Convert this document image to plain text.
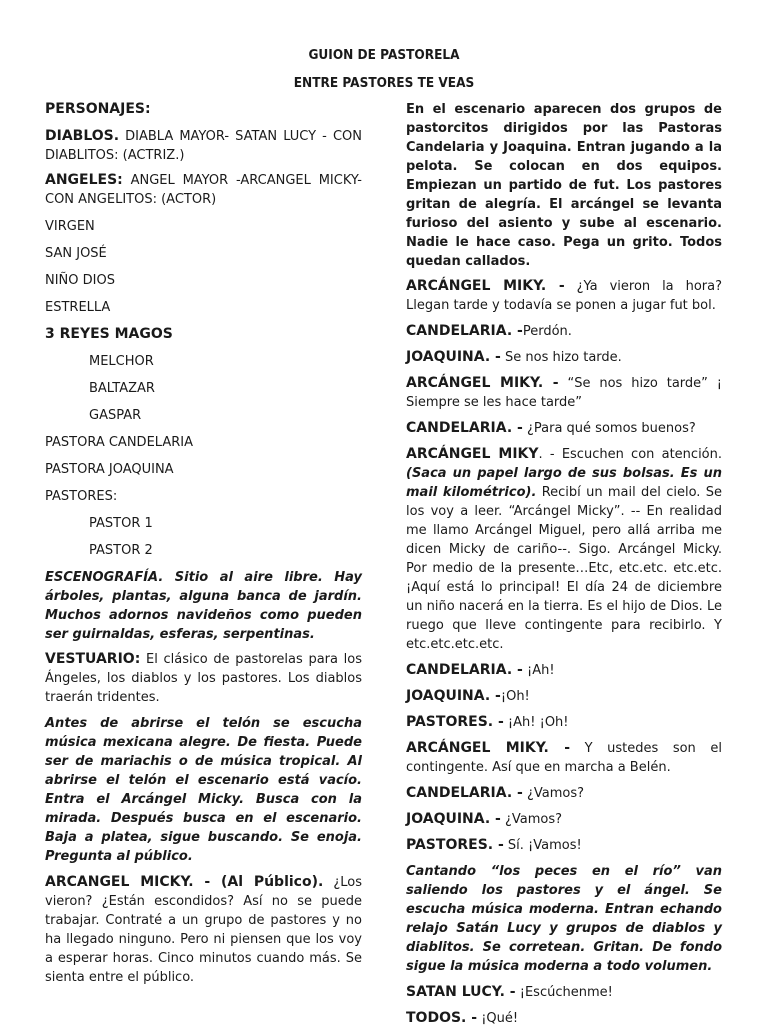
GUION DE PASTORELA
ENTRE PASTORES TE VEAS

PERSONAJES:

DIABLOS. DIABLA MAYOR- SATAN LUCY - CON DIABLITOS: (ACTRIZ.)

ANGELES: ANGEL MAYOR -ARCANGEL MICKY- CON ANGELITOS: (ACTOR)

VIRGEN

SAN JOSÉ

NIÑO DIOS

ESTRELLA

3 REYES MAGOS

MELCHOR

BALTAZAR

GASPAR

PASTORA CANDELARIA

PASTORA JOAQUINA

PASTORES:

PASTOR 1

PASTOR 2

ESCENOGRAFÍA. Sitio al aire libre. Hay árboles, plantas, alguna banca de jardín. Muchos adornos navideños como pueden ser guirnaldas, esferas, serpentinas.

VESTUARIO: El clásico de pastorelas para los Ángeles, los diablos y los pastores. Los diablos traerán tridentes.

Antes de abrirse el telón se escucha música mexicana alegre. De fiesta. Puede ser de mariachis o de música tropical. Al abrirse el telón el escenario está vacío. Entra el Arcángel Micky. Busca con la mirada. Después busca en el escenario. Baja a platea, sigue buscando. Se enoja. Pregunta al público.

ARCANGEL MICKY. - (Al Público). ¿Los vieron? ¿Están escondidos? Así no se puede trabajar. Contraté a un grupo de pastores y no ha llegado ninguno. Pero ni piensen que los voy a esperar horas. Cinco minutos cuando más. Se sienta entre el público.

En el escenario aparecen dos grupos de pastorcitos dirigidos por las Pastoras Candelaria y Joaquina. Entran jugando a la pelota. Se colocan en dos equipos. Empiezan un partido de fut. Los pastores gritan de alegría. El arcángel se levanta furioso del asiento y sube al escenario. Nadie le hace caso. Pega un grito. Todos quedan callados.

ARCÁNGEL MIKY. - ¿Ya vieron la hora? Llegan tarde y todavía se ponen a jugar fut bol.

CANDELARIA. -Perdón.

JOAQUINA. - Se nos hizo tarde.

ARCÁNGEL MIKY. - “Se nos hizo tarde” ¡ Siempre se les hace tarde”

CANDELARIA. - ¿Para qué somos buenos?

ARCÁNGEL MIKY. - Escuchen con atención. (Saca un papel largo de sus bolsas. Es un mail kilométrico). Recibí un mail del cielo. Se los voy a leer. “Arcángel Micky”. -- En realidad me llamo Arcángel Miguel, pero allá arriba me dicen Micky de cariño--. Sigo. Arcángel Micky. Por medio de la presente…Etc, etc.etc. etc.etc. ¡Aquí está lo principal! El día 24 de diciembre un niño nacerá en la tierra. Es el hijo de Dios. Le ruego que lleve contingente para recibirlo. Y etc.etc.etc.etc.

CANDELARIA. - ¡Ah!

JOAQUINA. -¡Oh!

PASTORES. - ¡Ah! ¡Oh!

ARCÁNGEL MIKY. - Y ustedes son el contingente. Así que en marcha a Belén.

CANDELARIA. - ¿Vamos?

JOAQUINA. - ¿Vamos?

PASTORES. - Sí. ¡Vamos!

Cantando “los peces en el río” van saliendo los pastores y el ángel. Se escucha música moderna. Entran echando relajo Satán Lucy y grupos de diablos y diablitos. Se corretean. Gritan. De fondo sigue la música moderna a todo volumen.

SATAN LUCY. - ¡Escúchenme!

TODOS. - ¡Qué!
